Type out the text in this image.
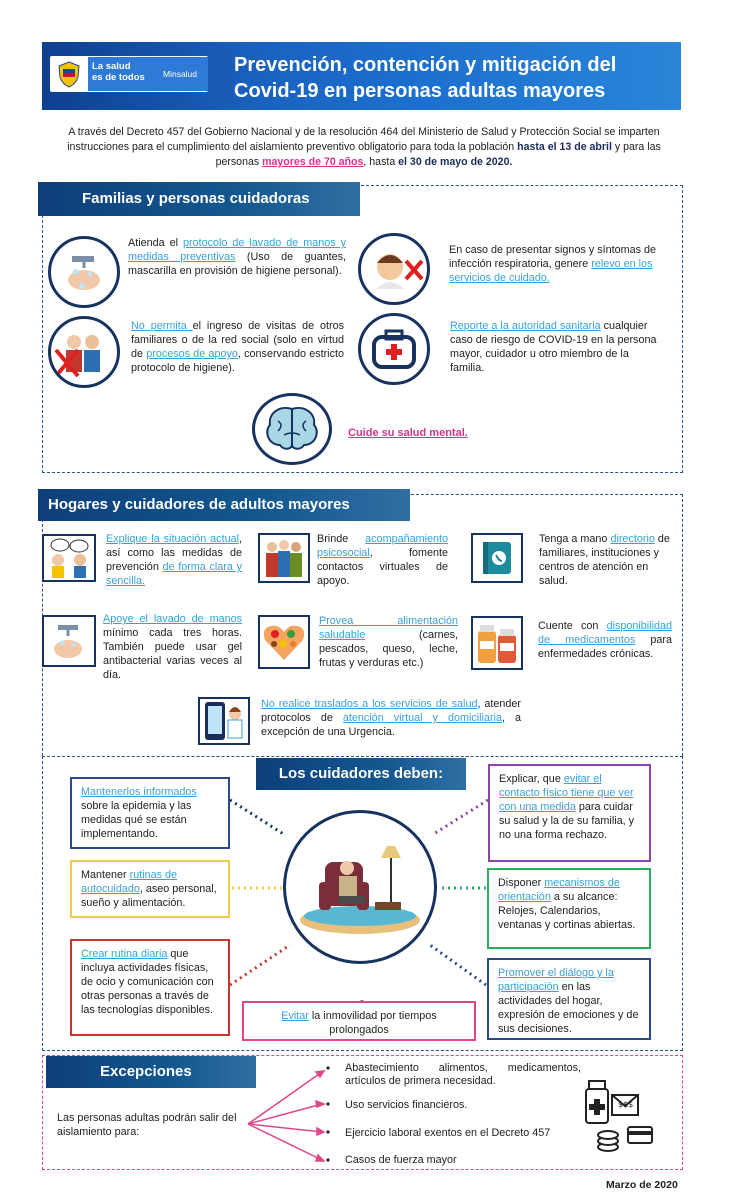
La salud
es de todos Minsalud Prevención, contención y mitigación del
Covid-19 en personas adultas mayores
A través del Decreto 457 del Gobierno Nacional y de la resolución 464 del Ministerio de Salud y Protección Social se imparten instrucciones para el cumplimiento del aislamiento preventivo obligatorio para toda la población hasta el 13 de abril y para las personas mayores de 70 años, hasta el 30 de mayo de 2020.
Familias y personas cuidadoras
Atienda el protocolo de lavado de manos y medidas preventivas (Uso de guantes, mascarilla en provisión de higiene personal).
En caso de presentar signos y síntomas de infección respiratoria, genere relevo en los servicios de cuidado.
No permita el ingreso de visitas de otros familiares o de la red social (solo en virtud de procesos de apoyo, conservando estricto protocolo de higiene).
Reporte a la autoridad sanitaria cualquier caso de riesgo de COVID-19 en la persona mayor, cuidador u otro miembro de la familia.
Cuide su salud mental.
Hogares y cuidadores de adultos mayores
Explique la situación actual, así como las medidas de prevención de forma clara y sencilla.
Brinde acompañamiento psicosocial, fomente contactos virtuales de apoyo.
Tenga a mano directorio de familiares, instituciones y centros de atención en salud.
Apoye el lavado de manos mínimo cada tres horas. También puede usar gel antibacterial varias veces al día.
Provea alimentación saludable (carnes, pescados, queso, leche, frutas y verduras etc.)
Cuente con disponibilidad de medicamentos para enfermedades crónicas.
No realice traslados a los servicios de salud, atender protocolos de atención virtual y domiciliaria, a excepción de una Urgencia.
Los cuidadores deben:
Mantenerlos informados sobre la epidemia y las medidas qué se están implementando.
Mantener rutinas de autocuidado, aseo personal, sueño y alimentación.
Crear rutina diaria que incluya actividades físicas, de ocio y comunicación con otras personas a través de las tecnologías disponibles.	Evitar la inmovilidad por tiempos prolongados
Explicar, que evitar el contacto físico tiene que ver con una medida para cuidar su salud y la de su familia, y no una forma rechazo.
Disponer mecanismos de orientación a su alcance: Relojes, Calendarios, ventanas y cortinas abiertas.
Promover el diálogo y la participación en las actividades del hogar, expresión de emociones y de sus decisiones.
Excepciones
Las personas adultas podrán salir del aislamiento para:
Abastecimiento alimentos, medicamentos, artículos de primera necesidad.
Uso servicios financieros.
Ejercicio laboral exentos en el Decreto 457
Casos de fuerza mayor
$$$
Marzo de 2020
